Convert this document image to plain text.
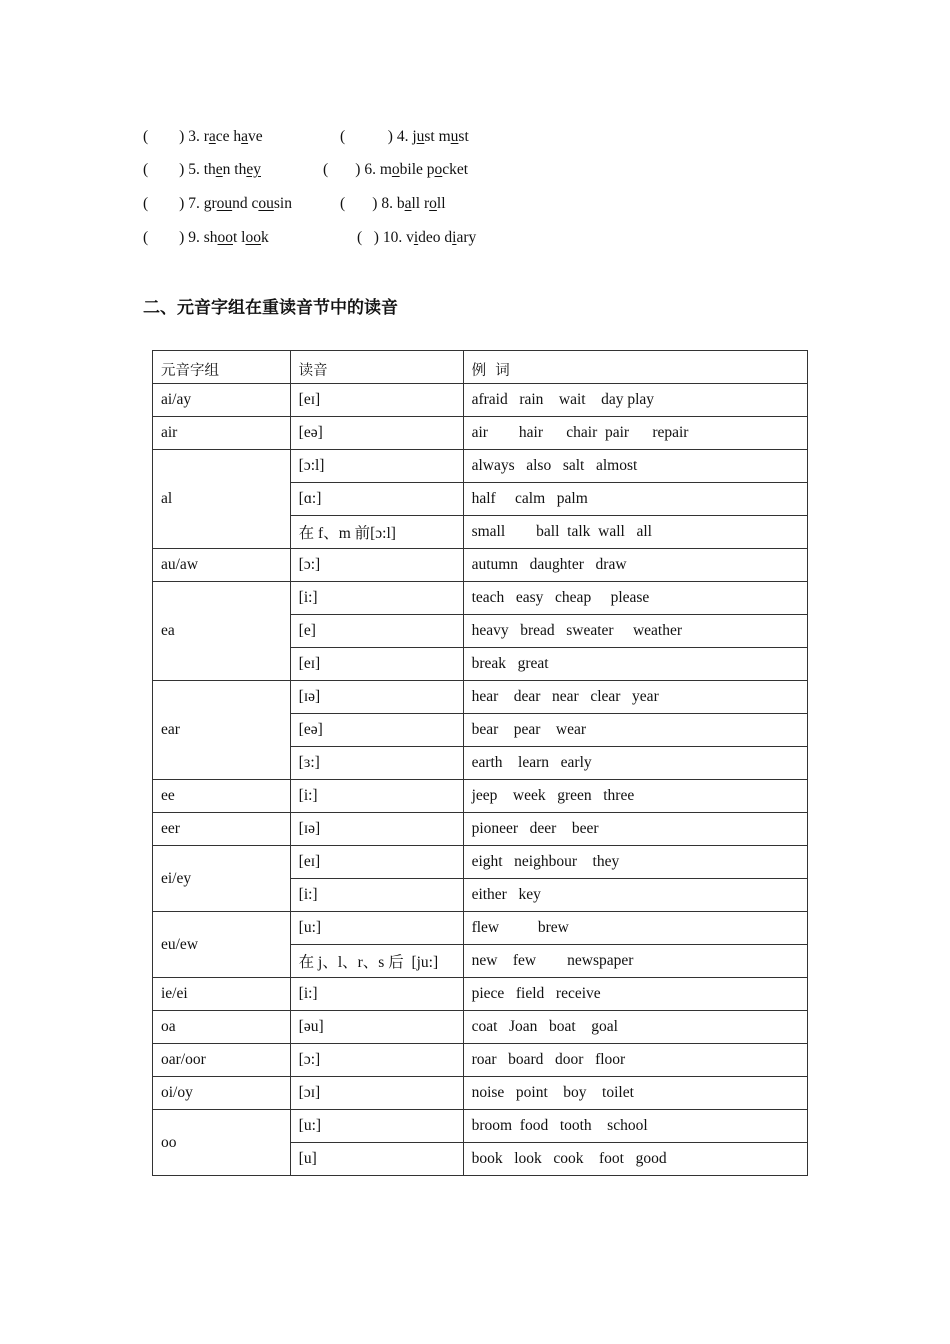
( ) 3. race have	(	) 4. just must
( ) 5. then they	( ) 6. mobile pocket
( ) 7. ground cousin	( ) 8. ball roll
( ) 9. shoot look	( ) 10. video diary
二、元音字组在重读音节中的读音
元音字组	读音	例  词
ai/ay	[eɪ]	afraid   rain    wait    day play
air	[eə]	air        hair      chair  pair      repair
al	[ɔ:l]	always   also   salt   almost
	[ɑ:]	half     calm   palm
	在 f、m 前[ɔ:l]	small        ball  talk  wall   all
au/aw	[ɔ:]	autumn   daughter   draw
ea	[i:]	teach   easy   cheap     please
	[e]	heavy   bread   sweater     weather
	[eɪ]	break   great
ear	[ɪə]	hear    dear   near   clear   year
	[eə]	bear    pear    wear
	[ɜ:]	earth    learn   early
ee	[i:]	jeep    week   green   three
eer	[ɪə]	pioneer   deer    beer
ei/ey	[eɪ]	eight   neighbour    they
	[i:]	either   key
eu/ew	[u:]	flew          brew
	在 j、l、r、s 后  [ju:]	new    few        newspaper
ie/ei	[i:]	piece   field   receive
oa	[əu]	coat   Joan   boat    goal
oar/oor	[ɔ:]	roar   board   door   floor
oi/oy	[ɔɪ]	noise   point    boy    toilet
oo	[u:]	broom  food   tooth    school
	[u]	book   look   cook    foot   good
